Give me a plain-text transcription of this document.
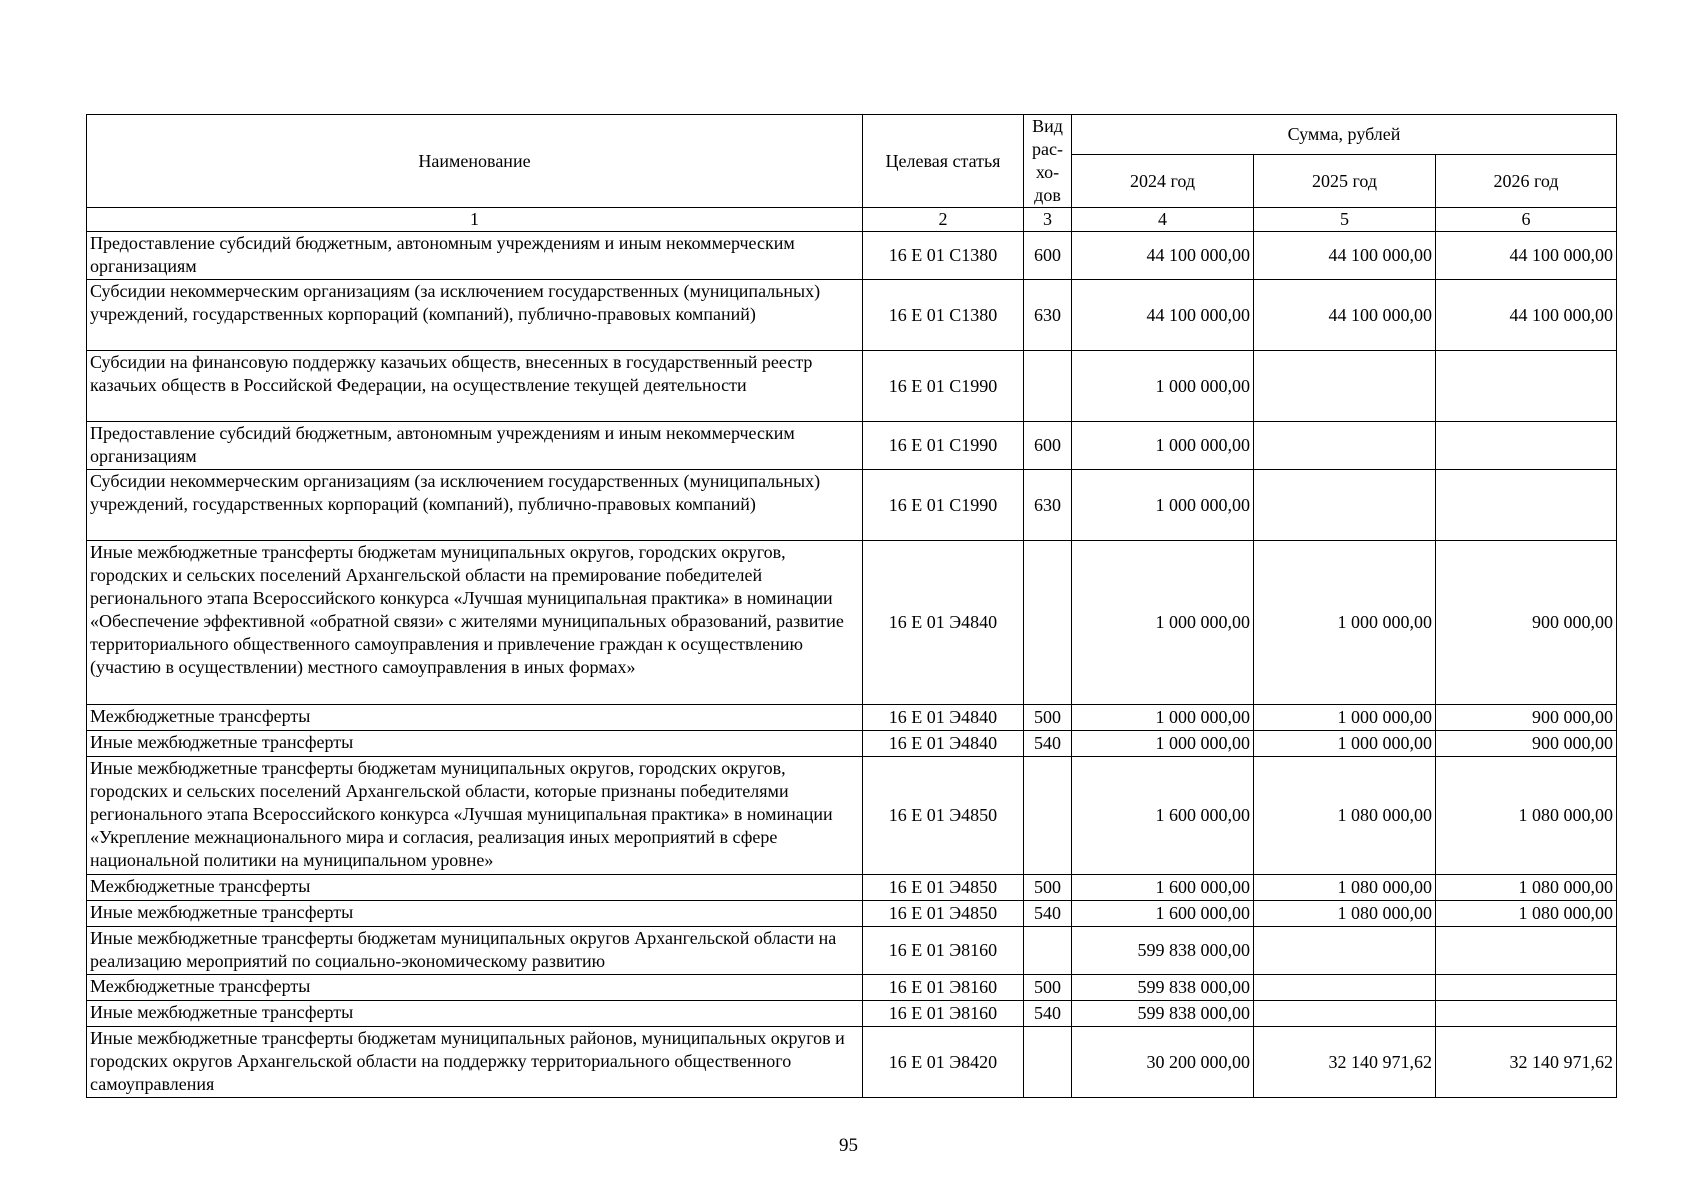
Наименование	Целевая статья	Вид рас-хо-дов	Сумма, рублей		
			2024 год	2025 год	2026 год
1	2	3	4	5	6
Предоставление субсидий бюджетным, автономным учреждениям и иным некоммерческим организациям	16 Е 01 С1380	600	44 100 000,00	44 100 000,00	44 100 000,00
Субсидии некоммерческим организациям (за исключением государственных (муниципальных) учреждений, государственных корпораций (компаний), публично-правовых компаний)	16 Е 01 С1380	630	44 100 000,00	44 100 000,00	44 100 000,00
Субсидии на финансовую поддержку казачьих обществ, внесенных в государственный реестр казачьих обществ в Российской Федерации, на осуществление текущей деятельности	16 Е 01 С1990		1 000 000,00		
Предоставление субсидий бюджетным, автономным учреждениям и иным некоммерческим организациям	16 Е 01 С1990	600	1 000 000,00		
Субсидии некоммерческим организациям (за исключением государственных (муниципальных) учреждений, государственных корпораций (компаний), публично-правовых компаний)	16 Е 01 С1990	630	1 000 000,00		
Иные межбюджетные трансферты бюджетам муниципальных округов, городских округов, городских и сельских поселений Архангельской области на премирование победителей регионального этапа Всероссийского конкурса «Лучшая муниципальная практика» в номинации «Обеспечение эффективной «обратной связи» с жителями муниципальных образований, развитие территориального общественного самоуправления и привлечение граждан к осуществлению (участию в осуществлении) местного самоуправления в иных формах»	16 Е 01 Э4840		1 000 000,00	1 000 000,00	900 000,00
Межбюджетные трансферты	16 Е 01 Э4840	500	1 000 000,00	1 000 000,00	900 000,00
Иные межбюджетные трансферты	16 Е 01 Э4840	540	1 000 000,00	1 000 000,00	900 000,00
Иные межбюджетные трансферты бюджетам муниципальных округов, городских округов, городских и сельских поселений Архангельской области, которые признаны победителями регионального этапа Всероссийского конкурса «Лучшая муниципальная практика» в номинации «Укрепление межнационального мира и согласия, реализация иных мероприятий в сфере национальной политики на муниципальном уровне»	16 Е 01 Э4850		1 600 000,00	1 080 000,00	1 080 000,00
Межбюджетные трансферты	16 Е 01 Э4850	500	1 600 000,00	1 080 000,00	1 080 000,00
Иные межбюджетные трансферты	16 Е 01 Э4850	540	1 600 000,00	1 080 000,00	1 080 000,00
Иные межбюджетные трансферты бюджетам муниципальных округов Архангельской области на реализацию мероприятий по социально-экономическому развитию	16 Е 01 Э8160		599 838 000,00		
Межбюджетные трансферты	16 Е 01 Э8160	500	599 838 000,00		
Иные межбюджетные трансферты	16 Е 01 Э8160	540	599 838 000,00		
Иные межбюджетные трансферты бюджетам муниципальных районов, муниципальных округов и городских округов Архангельской области на поддержку территориального общественного самоуправления	16 Е 01 Э8420		30 200 000,00	32 140 971,62	32 140 971,62
95
